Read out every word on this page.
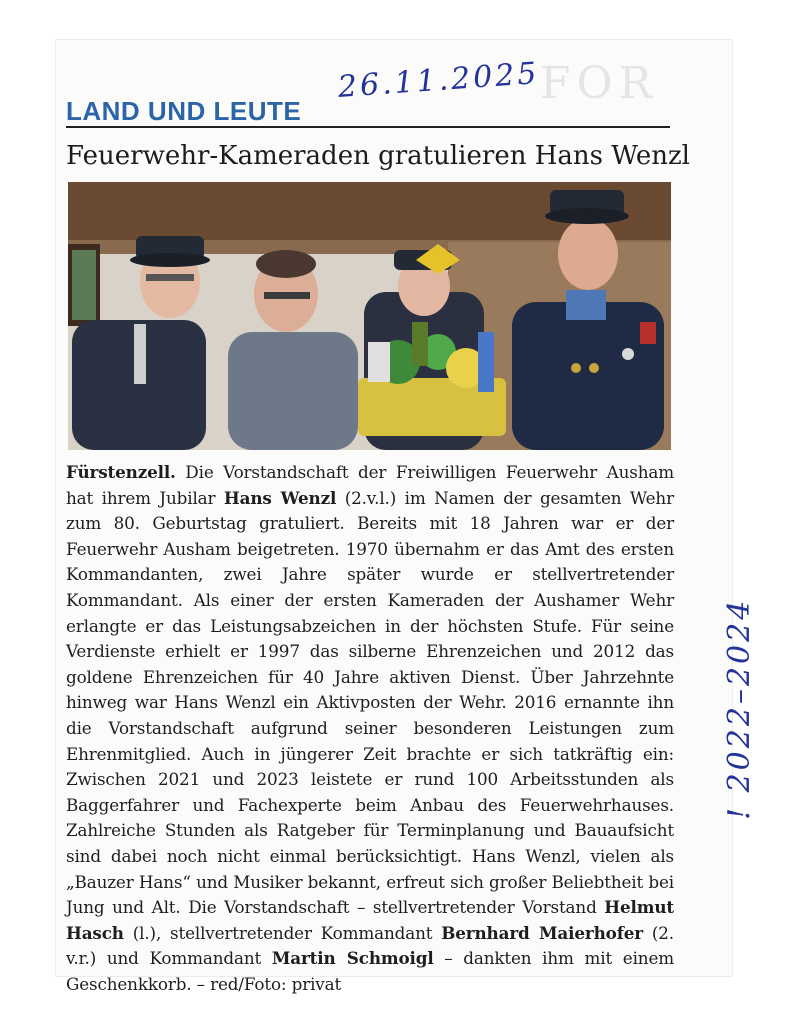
FOR
26.11.2025
LAND UND LEUTE
Feuerwehr-Kameraden gratulieren Hans Wenzl

Fürstenzell. Die Vorstandschaft der Freiwilligen Feuerwehr Ausham hat ihrem Jubilar Hans Wenzl (2.v.l.) im Namen der gesamten Wehr zum 80. Geburtstag gratuliert. Bereits mit 18 Jahren war er der Feuerwehr Ausham beigetreten. 1970 übernahm er das Amt des ersten Kommandanten, zwei Jahre später wurde er stellvertretender Kommandant. Als einer der ersten Kameraden der Aushamer Wehr erlangte er das Leistungsabzeichen in der höchsten Stufe. Für seine Verdienste erhielt er 1997 das silberne Ehrenzeichen und 2012 das goldene Ehrenzeichen für 40 Jahre aktiven Dienst. Über Jahrzehnte hinweg war Hans Wenzl ein Aktivposten der Wehr. 2016 ernannte ihn die Vorstandschaft aufgrund seiner besonderen Leistungen zum Ehrenmitglied. Auch in jüngerer Zeit brachte er sich tatkräftig ein: Zwischen 2021 und 2023 leistete er rund 100 Arbeitsstunden als Baggerfahrer und Fachexperte beim Anbau des Feuerwehrhauses. Zahlreiche Stunden als Ratgeber für Terminplanung und Bauaufsicht sind dabei noch nicht einmal berücksichtigt. Hans Wenzl, vielen als „Bauzer Hans“ und Musiker bekannt, erfreut sich großer Beliebtheit bei Jung und Alt. Die Vorstandschaft – stellvertretender Vorstand Helmut Hasch (l.), stellvertretender Kommandant Bernhard Maierhofer (2. v.r.) und Kommandant Martin Schmoigl – dankten ihm mit einem Geschenkkorb. – red/Foto: privat

! 2022–2024
